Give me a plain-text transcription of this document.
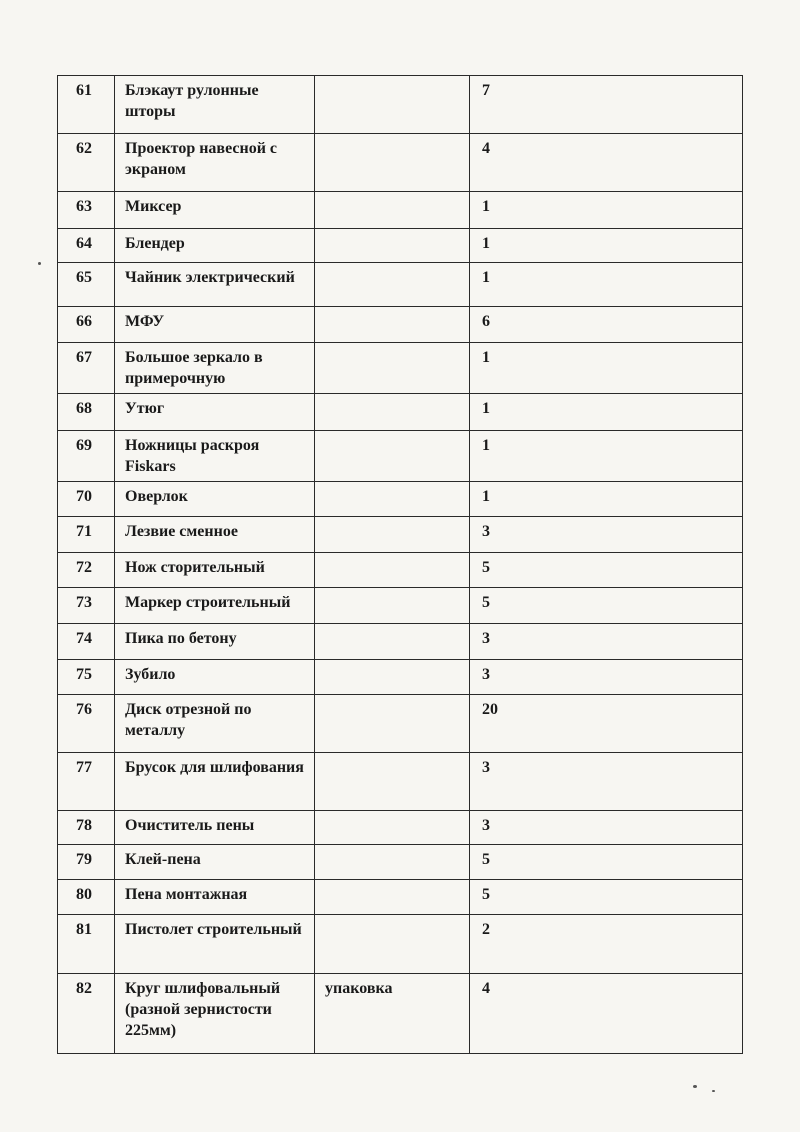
61	Блэкаут рулонные шторы		7
62	Проектор навесной с экраном		4
63	Миксер		1
64	Блендер		1
65	Чайник электрический		1
66	МФУ		6
67	Большое зеркало в примерочную		1
68	Утюг		1
69	Ножницы раскроя Fiskars		1
70	Оверлок		1
71	Лезвие сменное		3
72	Нож сторительный		5
73	Маркер строительный		5
74	Пика по бетону		3
75	Зубило		3
76	Диск отрезной по металлу		20
77	Брусок для шлифования		3
78	Очиститель пены		3
79	Клей-пена		5
80	Пена монтажная		5
81	Пистолет строительный		2
82	Круг шлифовальный (разной зернистости 225мм)	упаковка	4
